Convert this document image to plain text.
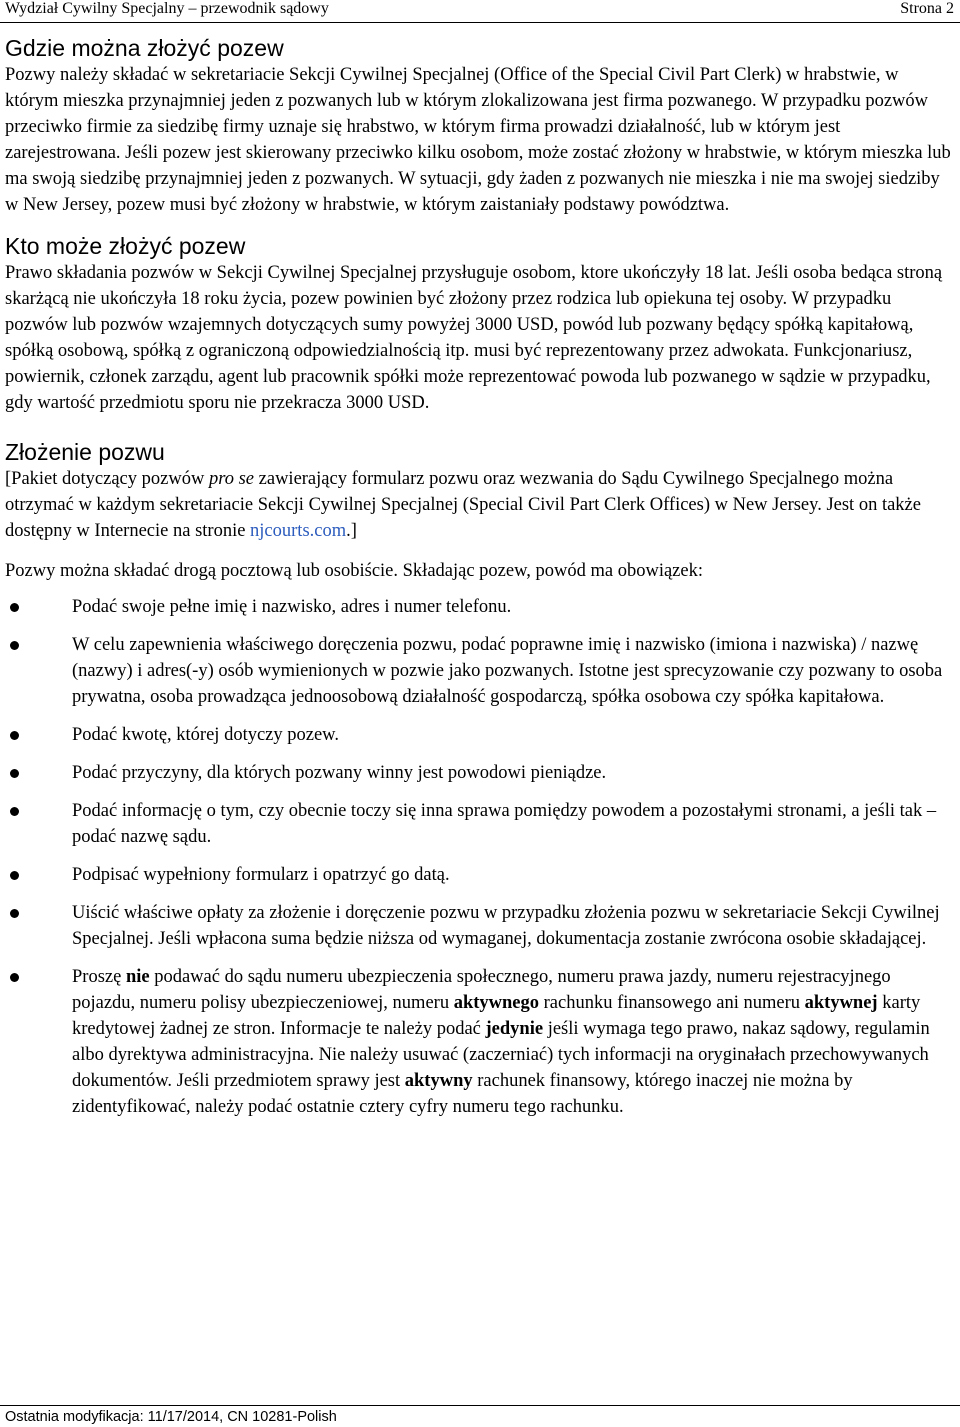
Wydział Cywilny Specjalny – przewodnik sądowy	Strona 2
Gdzie można złożyć pozew

Pozwy należy składać w sekretariacie Sekcji Cywilnej Specjalnej (Office of the Special Civil Part Clerk) w hrabstwie, w którym mieszka przynajmniej jeden z pozwanych lub w którym zlokalizowana jest firma pozwanego. W przypadku pozwów przeciwko firmie za siedzibę firmy uznaje się hrabstwo, w którym firma prowadzi działalność, lub w którym jest zarejestrowana. Jeśli pozew jest skierowany przeciwko kilku osobom, może zostać złożony w hrabstwie, w którym mieszka lub ma swoją siedzibę przynajmniej jeden z pozwanych. W sytuacji, gdy żaden z pozwanych nie mieszka i nie ma swojej siedziby w New Jersey, pozew musi być złożony w hrabstwie, w którym zaistaniały podstawy powództwa.

Kto może złożyć pozew

Prawo składania pozwów w Sekcji Cywilnej Specjalnej przysługuje osobom, ktore ukończyły 18 lat. Jeśli osoba bedąca stroną skarżącą nie ukończyła 18 roku życia, pozew powinien być złożony przez rodzica lub opiekuna tej osoby. W przypadku pozwów lub pozwów wzajemnych dotyczących sumy powyżej 3000 USD, powód lub pozwany będący spółką kapitałową, spółką osobową, spółką z ograniczoną odpowiedzialnością itp. musi być reprezentowany przez adwokata. Funkcjonariusz, powiernik, członek zarządu, agent lub pracownik spółki może reprezentować powoda lub pozwanego w sądzie w przypadku, gdy wartość przedmiotu sporu nie przekracza 3000 USD.

Złożenie pozwu

[Pakiet dotyczący pozwów pro se zawierający formularz pozwu oraz wezwania do Sądu Cywilnego Specjalnego można otrzymać w każdym sekretariacie Sekcji Cywilnej Specjalnej (Special Civil Part Clerk Offices) w New Jersey. Jest on także dostępny w Internecie na stronie njcourts.com.]

Pozwy można składać drogą pocztową lub osobiście. Składając pozew, powód ma obowiązek:

Podać swoje pełne imię i nazwisko, adres i numer telefonu.
W celu zapewnienia właściwego doręczenia pozwu, podać poprawne imię i nazwisko (imiona i nazwiska) / nazwę (nazwy) i adres(-y) osób wymienionych w pozwie jako pozwanych. Istotne jest sprecyzowanie czy pozwany to osoba prywatna, osoba prowadząca jednoosobową działalność gospodarczą, spółka osobowa czy spółka kapitałowa.
Podać kwotę, której dotyczy pozew.
Podać przyczyny, dla których pozwany winny jest powodowi pieniądze.
Podać informację o tym, czy obecnie toczy się inna sprawa pomiędzy powodem a pozostałymi stronami, a jeśli tak – podać nazwę sądu.
Podpisać wypełniony formularz i opatrzyć go datą.
Uiścić właściwe opłaty za złożenie i doręczenie pozwu w przypadku złożenia pozwu w sekretariacie Sekcji Cywilnej Specjalnej. Jeśli wpłacona suma będzie niższa od wymaganej, dokumentacja zostanie zwrócona osobie składającej.
Proszę nie podawać do sądu numeru ubezpieczenia społecznego, numeru prawa jazdy, numeru rejestracyjnego pojazdu, numeru polisy ubezpieczeniowej, numeru aktywnego rachunku finansowego ani numeru aktywnej karty kredytowej żadnej ze stron. Informacje te należy podać jedynie jeśli wymaga tego prawo, nakaz sądowy, regulamin albo dyrektywa administracyjna. Nie należy usuwać (zaczerniać) tych informacji na oryginałach przechowywanych dokumentów. Jeśli przedmiotem sprawy jest aktywny rachunek finansowy, którego inaczej nie można by zidentyfikować, należy podać ostatnie cztery cyfry numeru tego rachunku.
Ostatnia modyfikacja: 11/17/2014, CN 10281-Polish
